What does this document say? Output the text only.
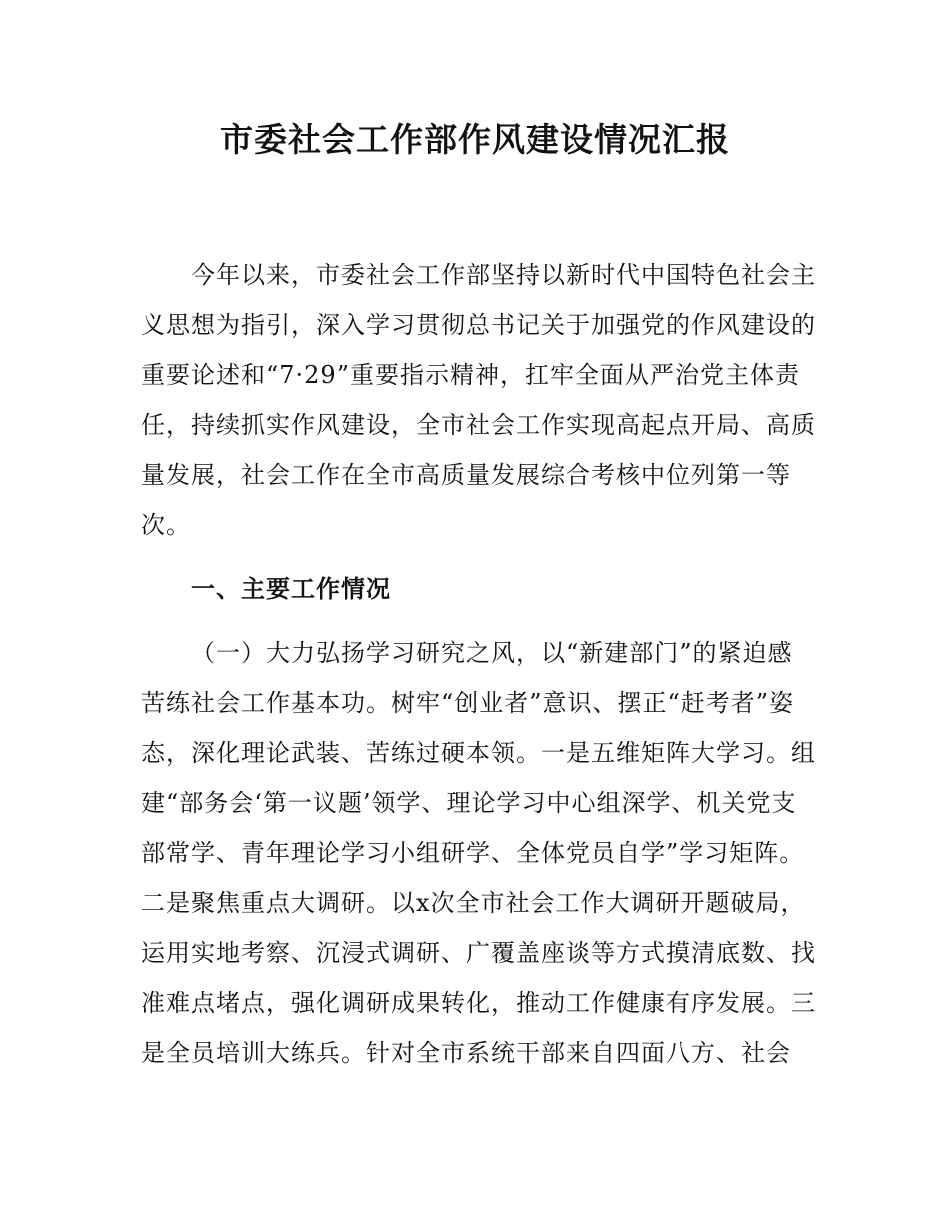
市委社会工作部作风建设情况汇报

今年以来，市委社会工作部坚持以新时代中国特色社会主义思想为指引，深入学习贯彻总书记关于加强党的作风建设的重要论述和“7·29”重要指示精神，扛牢全面从严治党主体责任，持续抓实作风建设，全市社会工作实现高起点开局、高质量发展，社会工作在全市高质量发展综合考核中位列第一等次。

一、主要工作情况

（一）大力弘扬学习研究之风，以“新建部门”的紧迫感苦练社会工作基本功。树牢“创业者”意识、摆正“赶考者”姿态，深化理论武装、苦练过硬本领。一是五维矩阵大学习。组建“部务会‘第一议题’领学、理论学习中心组深学、机关党支部常学、青年理论学习小组研学、全体党员自学”学习矩阵。二是聚焦重点大调研。以x次全市社会工作大调研开题破局，运用实地考察、沉浸式调研、广覆盖座谈等方式摸清底数、找准难点堵点，强化调研成果转化，推动工作健康有序发展。三是全员培训大练兵。针对全市系统干部来自四面八方、社会
